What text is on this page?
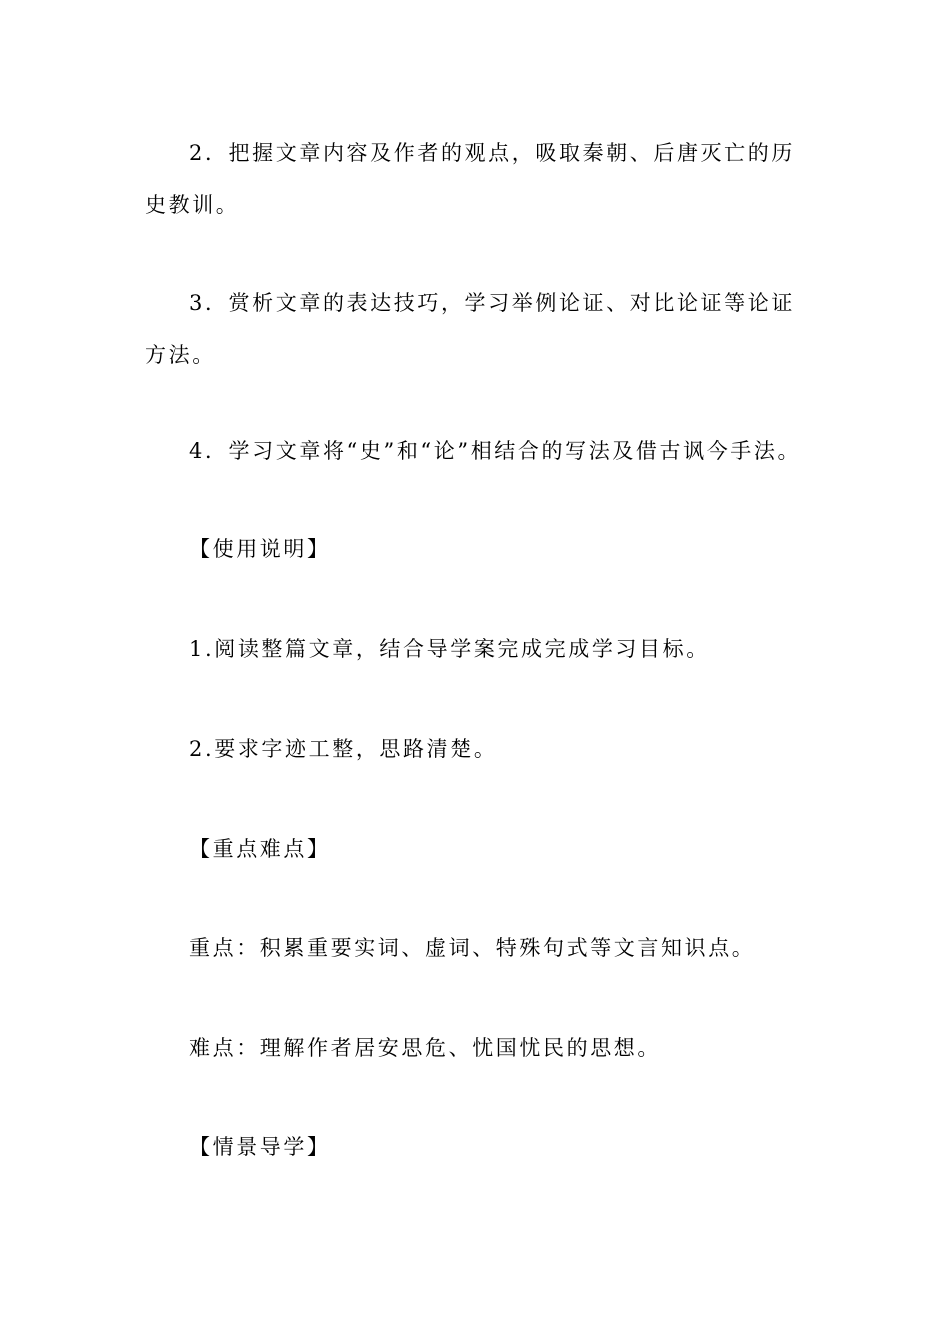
2．把握文章内容及作者的观点，吸取秦朝、后唐灭亡的历史教训。
3．赏析文章的表达技巧，学习举例论证、对比论证等论证方法。
4．学习文章将“史”和“论”相结合的写法及借古讽今手法。
【使用说明】
1.阅读整篇文章，结合导学案完成完成学习目标。
2.要求字迹工整，思路清楚。
【重点难点】
重点：积累重要实词、虚词、特殊句式等文言知识点。
难点：理解作者居安思危、忧国忧民的思想。
【情景导学】
